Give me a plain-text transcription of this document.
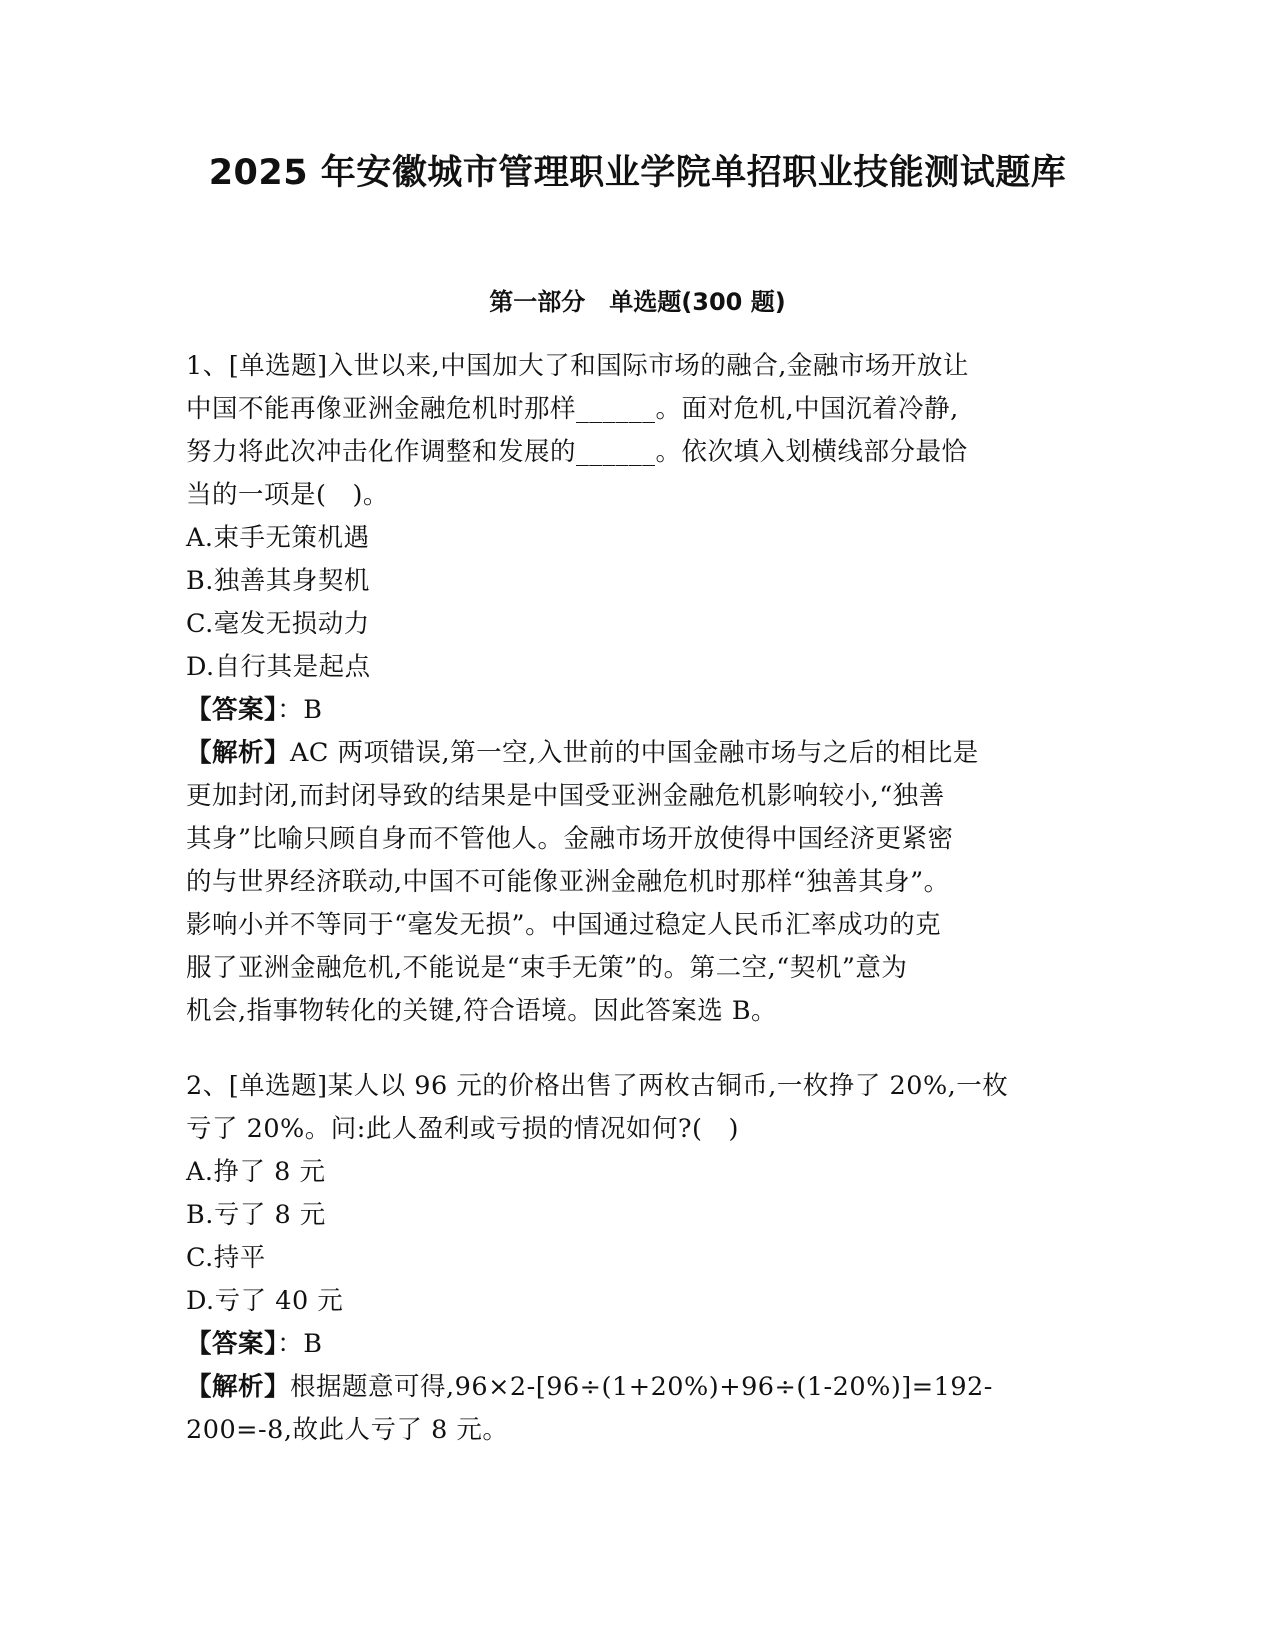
2025 年安徽城市管理职业学院单招职业技能测试题库
第一部分　单选题(300 题)
1、[单选题]入世以来,中国加大了和国际市场的融合,金融市场开放让
中国不能再像亚洲金融危机时那样______。面对危机,中国沉着冷静,
努力将此次冲击化作调整和发展的______。依次填入划横线部分最恰
当的一项是(　)。
A.束手无策机遇
B.独善其身契机
C.毫发无损动力
D.自行其是起点
【答案】：B
【解析】AC 两项错误,第一空,入世前的中国金融市场与之后的相比是
更加封闭,而封闭导致的结果是中国受亚洲金融危机影响较小,“独善
其身”比喻只顾自身而不管他人。金融市场开放使得中国经济更紧密
的与世界经济联动,中国不可能像亚洲金融危机时那样“独善其身”。
影响小并不等同于“毫发无损”。中国通过稳定人民币汇率成功的克
服了亚洲金融危机,不能说是“束手无策”的。第二空,“契机”意为
机会,指事物转化的关键,符合语境。因此答案选 B。
2、[单选题]某人以 96 元的价格出售了两枚古铜币,一枚挣了 20%,一枚
亏了 20%。问:此人盈利或亏损的情况如何?(　)
A.挣了 8 元
B.亏了 8 元
C.持平
D.亏了 40 元
【答案】：B
【解析】根据题意可得,96×2-[96÷(1+20%)+96÷(1-20%)]=192-
200=-8,故此人亏了 8 元。
